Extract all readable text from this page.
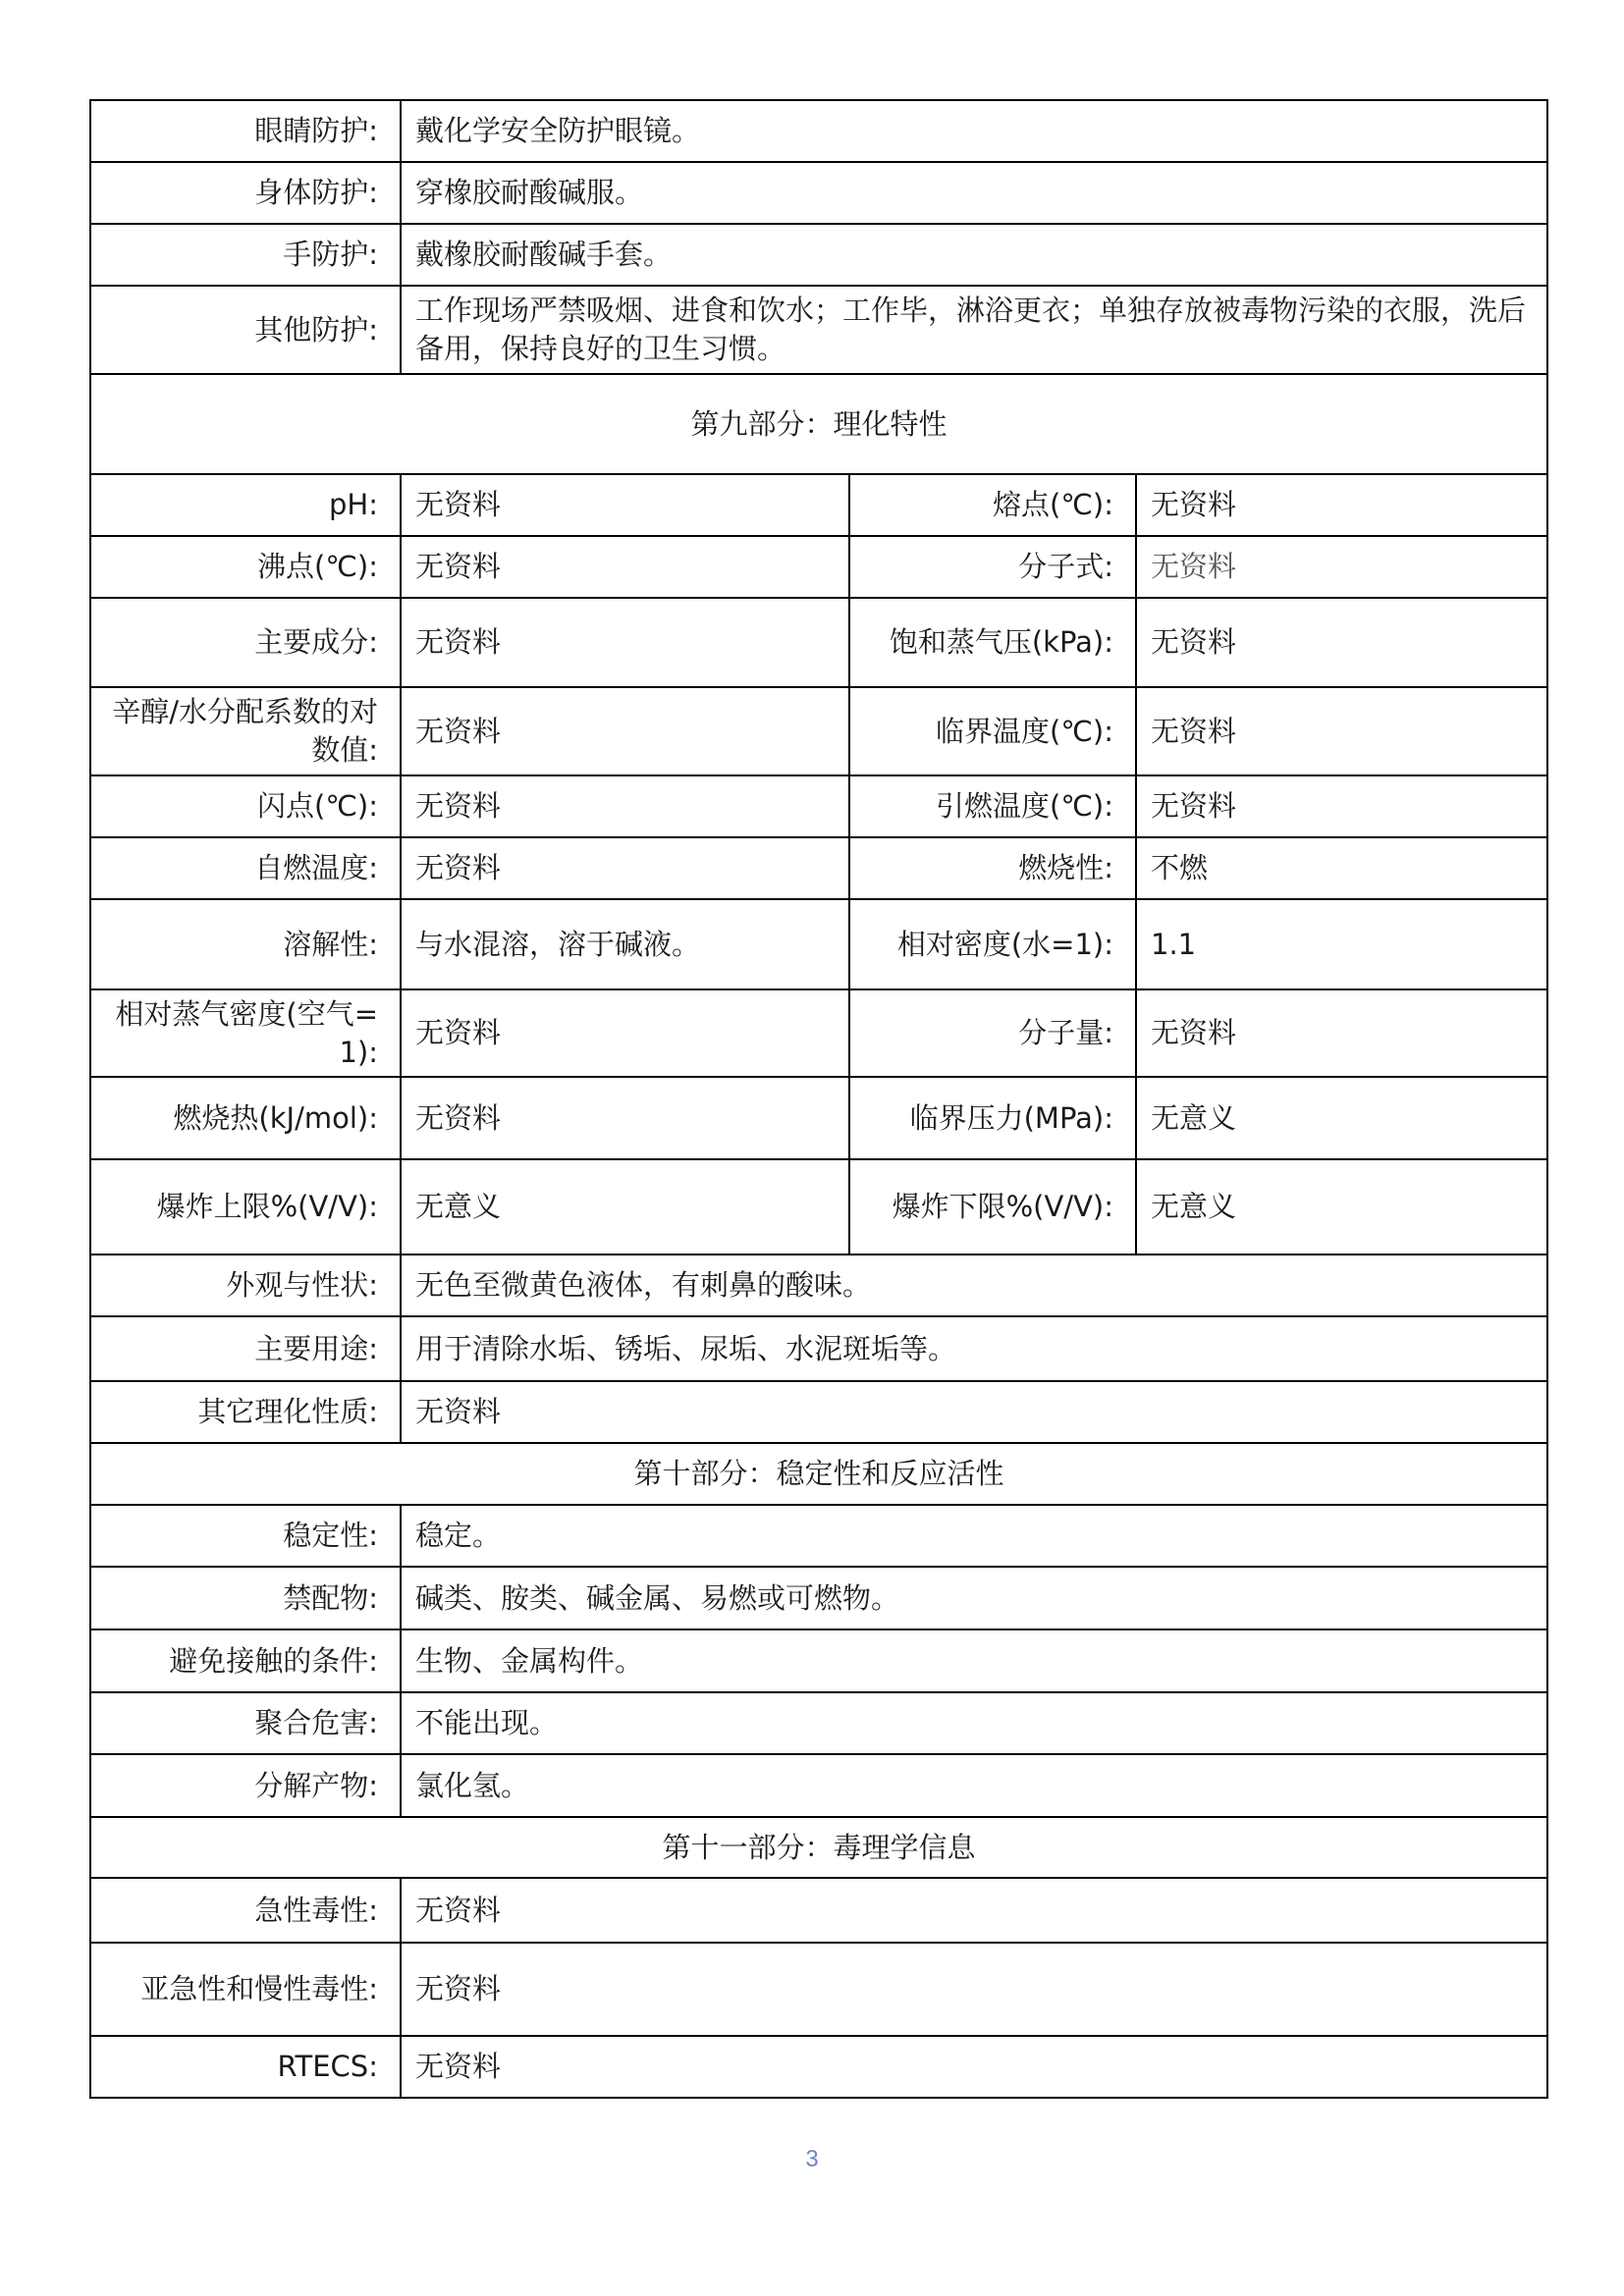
眼睛防护:	戴化学安全防护眼镜。		
身体防护:	穿橡胶耐酸碱服。		
手防护:	戴橡胶耐酸碱手套。		
其他防护:	工作现场严禁吸烟、进食和饮水；工作毕，淋浴更衣；单独存放被毒物污染的衣服，洗后备用，保持良好的卫生习惯。		
第九部分：理化特性			
pH:	无资料	熔点(℃):	无资料
沸点(℃):	无资料	分子式:	无资料
主要成分:	无资料	饱和蒸气压(kPa):	无资料
辛醇/水分配系数的对数值:	无资料	临界温度(℃):	无资料
闪点(℃):	无资料	引燃温度(℃):	无资料
自燃温度:	无资料	燃烧性:	不燃
溶解性:	与水混溶，溶于碱液。	相对密度(水=1):	1.1
相对蒸气密度(空气=1):	无资料	分子量:	无资料
燃烧热(kJ/mol):	无资料	临界压力(MPa):	无意义
爆炸上限%(V/V):	无意义	爆炸下限%(V/V):	无意义
外观与性状:	无色至微黄色液体，有刺鼻的酸味。		
主要用途:	用于清除水垢、锈垢、尿垢、水泥斑垢等。		
其它理化性质:	无资料		
第十部分：稳定性和反应活性			
稳定性:	稳定。		
禁配物:	碱类、胺类、碱金属、易燃或可燃物。		
避免接触的条件:	生物、金属构件。		
聚合危害:	不能出现。		
分解产物:	氯化氢。		
第十一部分：毒理学信息			
急性毒性:	无资料		
亚急性和慢性毒性:	无资料		
RTECS:	无资料		
3
